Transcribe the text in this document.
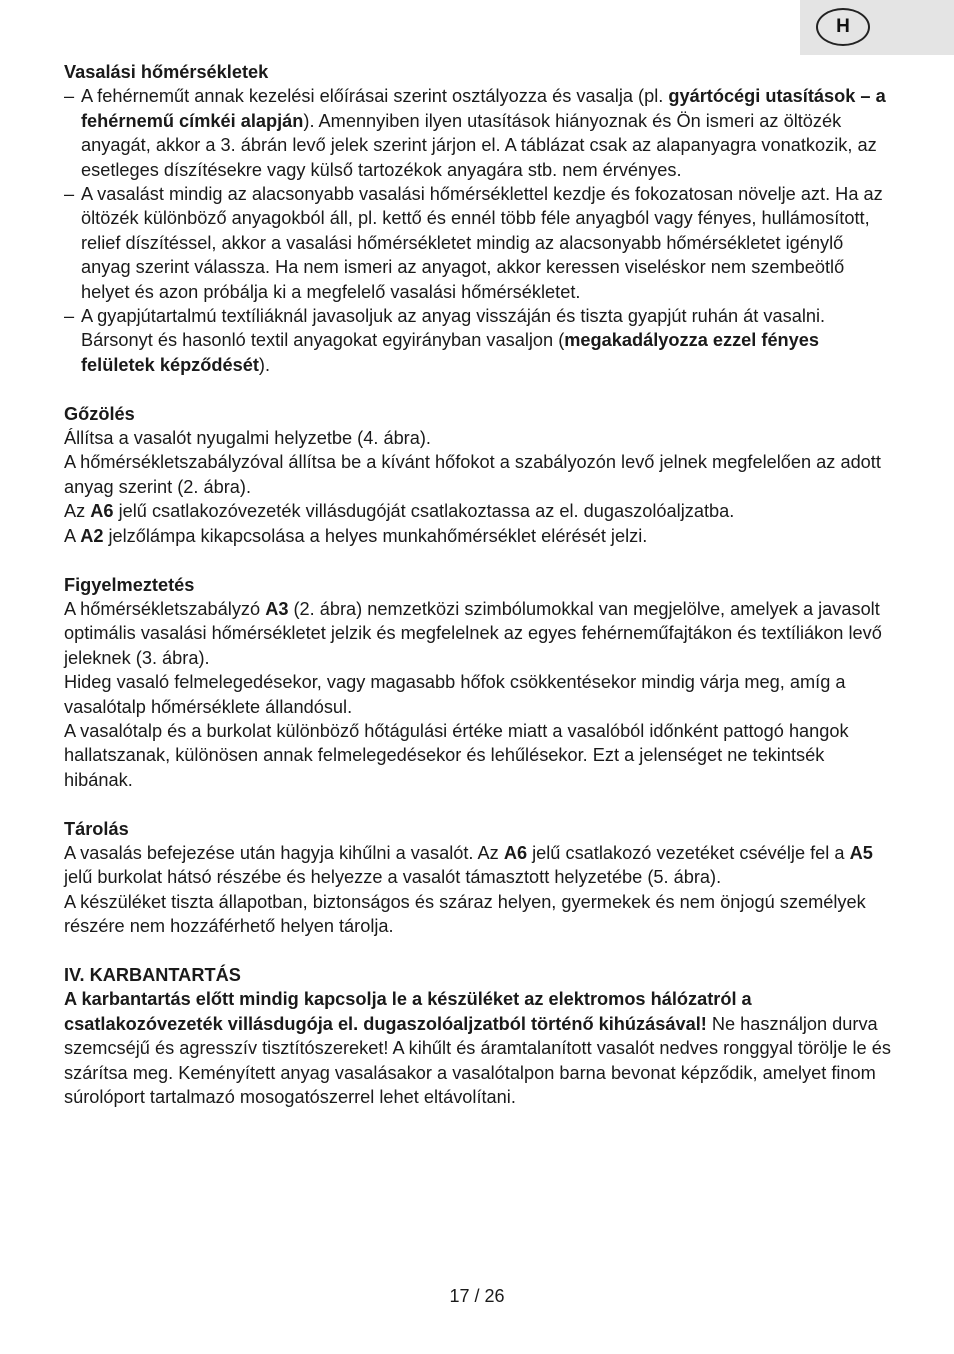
H

Vasalási hőmérsékletek

– A fehérneműt annak kezelési előírásai szerint osztályozza és vasalja (pl. gyártócégi utasítások – a fehérnemű címkéi alapján). Amennyiben ilyen utasítások hiányoznak és Ön ismeri az öltözék anyagát, akkor a 3. ábrán levő jelek szerint járjon el. A táblázat csak az alapanyagra vonatkozik, az esetleges díszítésekre vagy külső tartozékok anyagára stb. nem érvényes.

– A vasalást mindig az alacsonyabb vasalási hőmérséklettel kezdje és fokozatosan növelje azt. Ha az öltözék különböző anyagokból áll, pl. kettő és ennél több féle anyagból vagy fényes, hullámosított, relief díszítéssel, akkor a vasalási hőmérsékletet mindig az alacsonyabb hőmérsékletet igénylő anyag szerint válassza. Ha nem ismeri az anyagot, akkor keressen viseléskor nem szembeötlő helyet és azon próbálja ki a megfelelő vasalási hőmérsékletet.

– A gyapjútartalmú textíliáknál javasoljuk az anyag visszáján és tiszta gyapjút ruhán át vasalni. Bársonyt és hasonló textil anyagokat egyirányban vasaljon (megakadályozza ezzel fényes felületek képződését).

Gőzölés

Állítsa a vasalót nyugalmi helyzetbe (4. ábra).

A hőmérsékletszabályzóval állítsa be a kívánt hőfokot a szabályozón levő jelnek megfelelően az adott anyag szerint (2. ábra).

Az A6 jelű csatlakozóvezeték villásdugóját csatlakoztassa az el. dugaszolóaljzatba.

A A2 jelzőlámpa kikapcsolása a helyes munkahőmérséklet elérését jelzi.

Figyelmeztetés

A hőmérsékletszabályzó A3 (2. ábra) nemzetközi szimbólumokkal van megjelölve, amelyek a javasolt optimális vasalási hőmérsékletet jelzik és megfelelnek az egyes fehérneműfajtákon és textíliákon levő jeleknek (3. ábra).

Hideg vasaló felmelegedésekor, vagy magasabb hőfok csökkentésekor mindig várja meg, amíg a vasalótalp hőmérséklete állandósul.

A vasalótalp és a burkolat különböző hőtágulási értéke miatt a vasalóból időnként pattogó hangok hallatszanak, különösen annak felmelegedésekor és lehűlésekor. Ezt a jelenséget ne tekintsék hibának.

Tárolás

A vasalás befejezése után hagyja kihűlni a vasalót. Az A6 jelű csatlakozó vezetéket csévélje fel a A5 jelű burkolat hátsó részébe és helyezze a vasalót támasztott helyzetébe (5. ábra).

A készüléket tiszta állapotban, biztonságos és száraz helyen, gyermekek és nem önjogú személyek részére nem hozzáférhető helyen tárolja.

IV. KARBANTARTÁS

A karbantartás előtt mindig kapcsolja le a készüléket az elektromos hálózatról a csatlakozóvezeték villásdugója el. dugaszolóaljzatból történő kihúzásával! Ne használjon durva szemcséjű és agresszív tisztítószereket! A kihűlt és áramtalanított vasalót nedves ronggyal törölje le és szárítsa meg. Keményített anyag vasalásakor a vasalótalpon barna bevonat képződik, amelyet finom súrolóport tartalmazó mosogatószerrel lehet eltávolítani.

17 / 26
